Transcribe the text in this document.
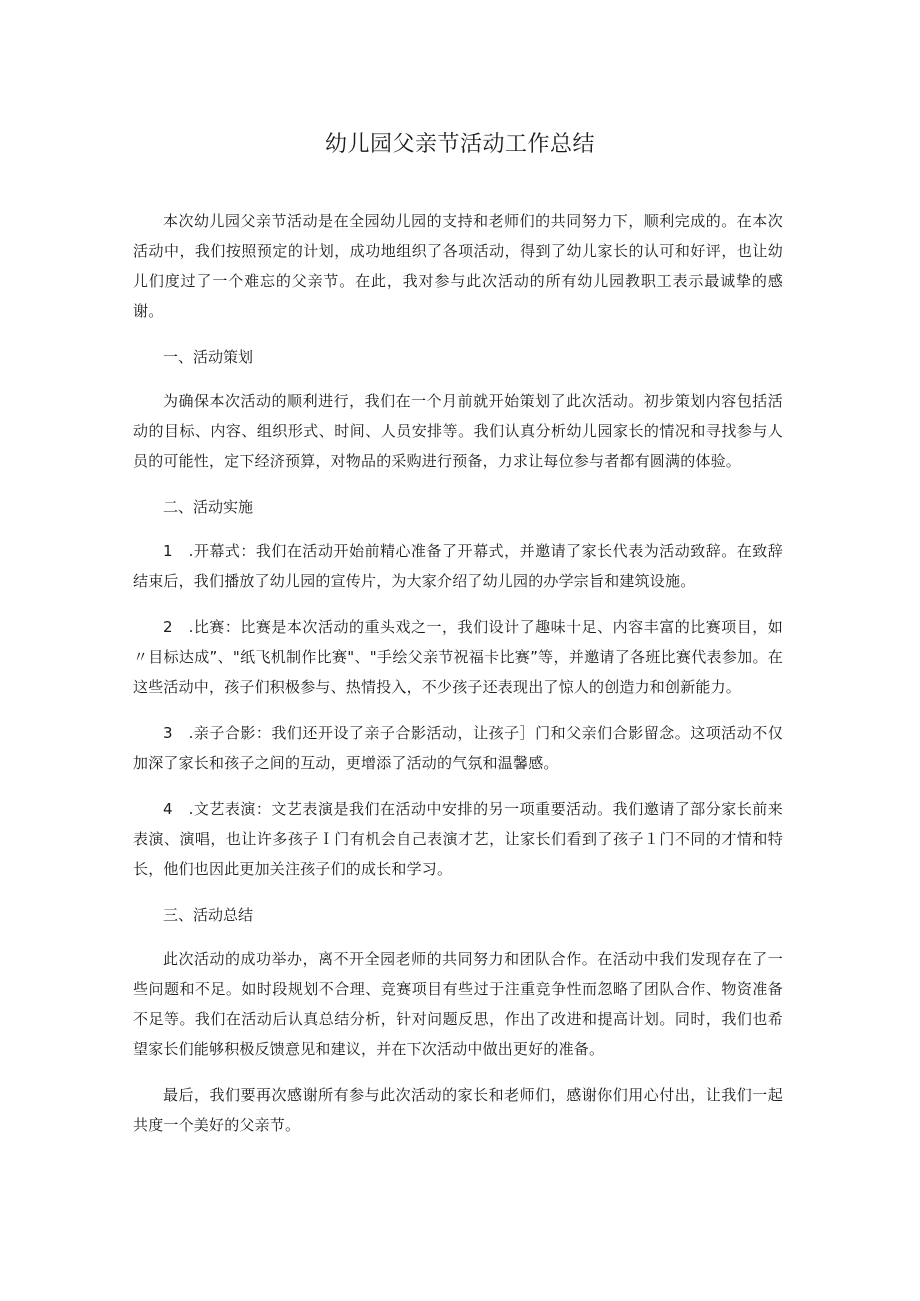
幼儿园父亲节活动工作总结

本次幼儿园父亲节活动是在全园幼儿园的支持和老师们的共同努力下，顺利完成的。在本次活动中，我们按照预定的计划，成功地组织了各项活动，得到了幼儿家长的认可和好评，也让幼儿们度过了一个难忘的父亲节。在此，我对参与此次活动的所有幼儿园教职工表示最诚挚的感谢。

一、活动策划

为确保本次活动的顺利进行，我们在一个月前就开始策划了此次活动。初步策划内容包括活动的目标、内容、组织形式、时间、人员安排等。我们认真分析幼儿园家长的情况和寻找参与人员的可能性，定下经济预算，对物品的采购进行预备，力求让每位参与者都有圆满的体验。

二、活动实施

1　.开幕式：我们在活动开始前精心准备了开幕式，并邀请了家长代表为活动致辞。在致辞结束后，我们播放了幼儿园的宣传片，为大家介绍了幼儿园的办学宗旨和建筑设施。

2　.比赛：比赛是本次活动的重头戏之一，我们设计了趣味十足、内容丰富的比赛项目，如〃目标达成”、"纸飞机制作比赛"、"手绘父亲节祝福卡比赛”等，并邀请了各班比赛代表参加。在这些活动中，孩子们积极参与、热情投入，不少孩子还表现出了惊人的创造力和创新能力。

3　.亲子合影：我们还开设了亲子合影活动，让孩子］门和父亲们合影留念。这项活动不仅加深了家长和孩子之间的互动，更增添了活动的气氛和温馨感。

4　.文艺表演：文艺表演是我们在活动中安排的另一项重要活动。我们邀请了部分家长前来表演、演唱，也让许多孩子Ｉ门有机会自己表演才艺，让家长们看到了孩子１门不同的才情和特长，他们也因此更加关注孩子们的成长和学习。

三、活动总结

此次活动的成功举办，离不开全园老师的共同努力和团队合作。在活动中我们发现存在了一些问题和不足。如时段规划不合理、竞赛项目有些过于注重竞争性而忽略了团队合作、物资准备不足等。我们在活动后认真总结分析，针对问题反思，作出了改进和提高计划。同时，我们也希望家长们能够积极反馈意见和建议，并在下次活动中做出更好的准备。

最后，我们要再次感谢所有参与此次活动的家长和老师们，感谢你们用心付出，让我们一起共度一个美好的父亲节。
